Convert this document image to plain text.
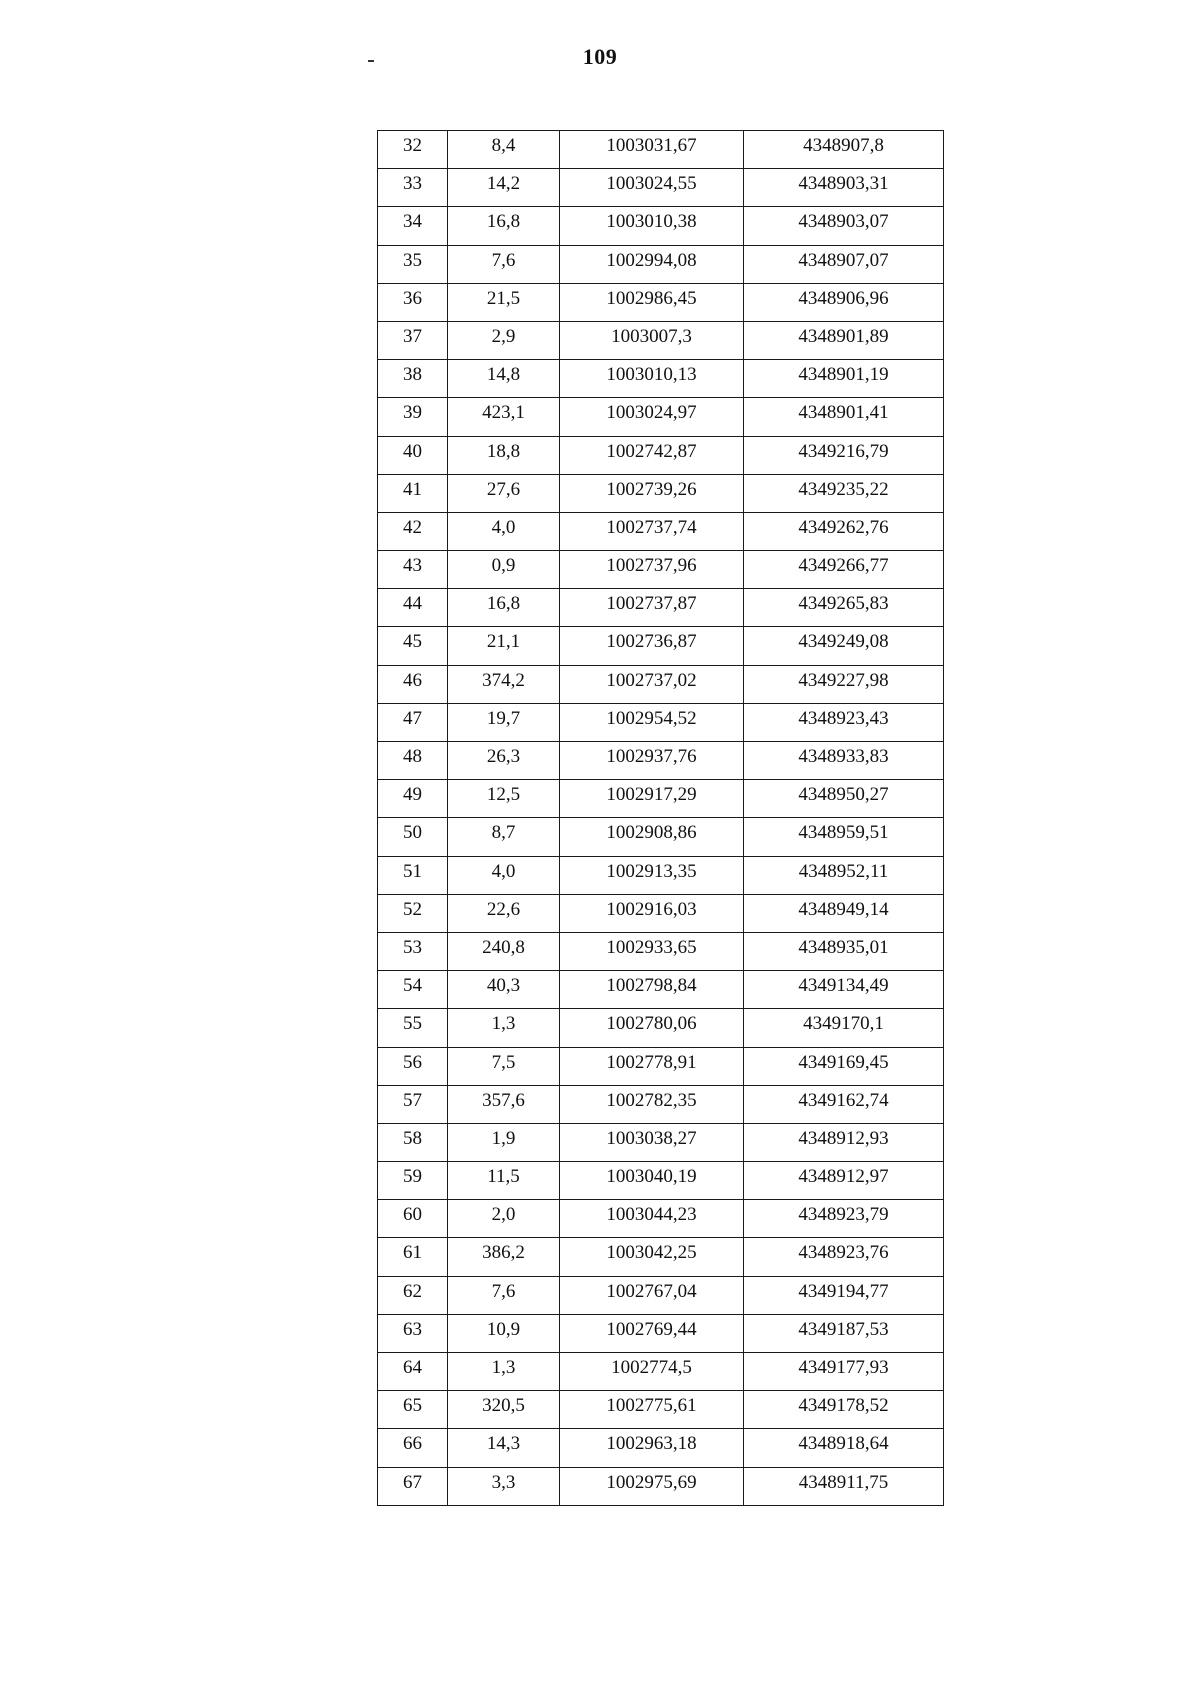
109
32	8,4	1003031,67	4348907,8
33	14,2	1003024,55	4348903,31
34	16,8	1003010,38	4348903,07
35	7,6	1002994,08	4348907,07
36	21,5	1002986,45	4348906,96
37	2,9	1003007,3	4348901,89
38	14,8	1003010,13	4348901,19
39	423,1	1003024,97	4348901,41
40	18,8	1002742,87	4349216,79
41	27,6	1002739,26	4349235,22
42	4,0	1002737,74	4349262,76
43	0,9	1002737,96	4349266,77
44	16,8	1002737,87	4349265,83
45	21,1	1002736,87	4349249,08
46	374,2	1002737,02	4349227,98
47	19,7	1002954,52	4348923,43
48	26,3	1002937,76	4348933,83
49	12,5	1002917,29	4348950,27
50	8,7	1002908,86	4348959,51
51	4,0	1002913,35	4348952,11
52	22,6	1002916,03	4348949,14
53	240,8	1002933,65	4348935,01
54	40,3	1002798,84	4349134,49
55	1,3	1002780,06	4349170,1
56	7,5	1002778,91	4349169,45
57	357,6	1002782,35	4349162,74
58	1,9	1003038,27	4348912,93
59	11,5	1003040,19	4348912,97
60	2,0	1003044,23	4348923,79
61	386,2	1003042,25	4348923,76
62	7,6	1002767,04	4349194,77
63	10,9	1002769,44	4349187,53
64	1,3	1002774,5	4349177,93
65	320,5	1002775,61	4349178,52
66	14,3	1002963,18	4348918,64
67	3,3	1002975,69	4348911,75
